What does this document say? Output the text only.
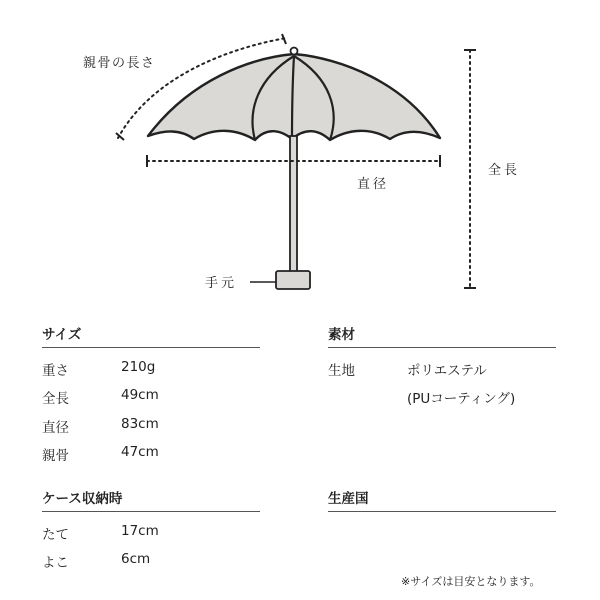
親骨の長さ
直径
全長
手元
サイズ
重さ	210g
全長	49cm
直径	83cm
親骨	47cm
素材
生地	ポリエステル
(PUコーティング)
ケース収納時
たて	17cm
よこ	6cm
生産国
※サイズは目安となります。
